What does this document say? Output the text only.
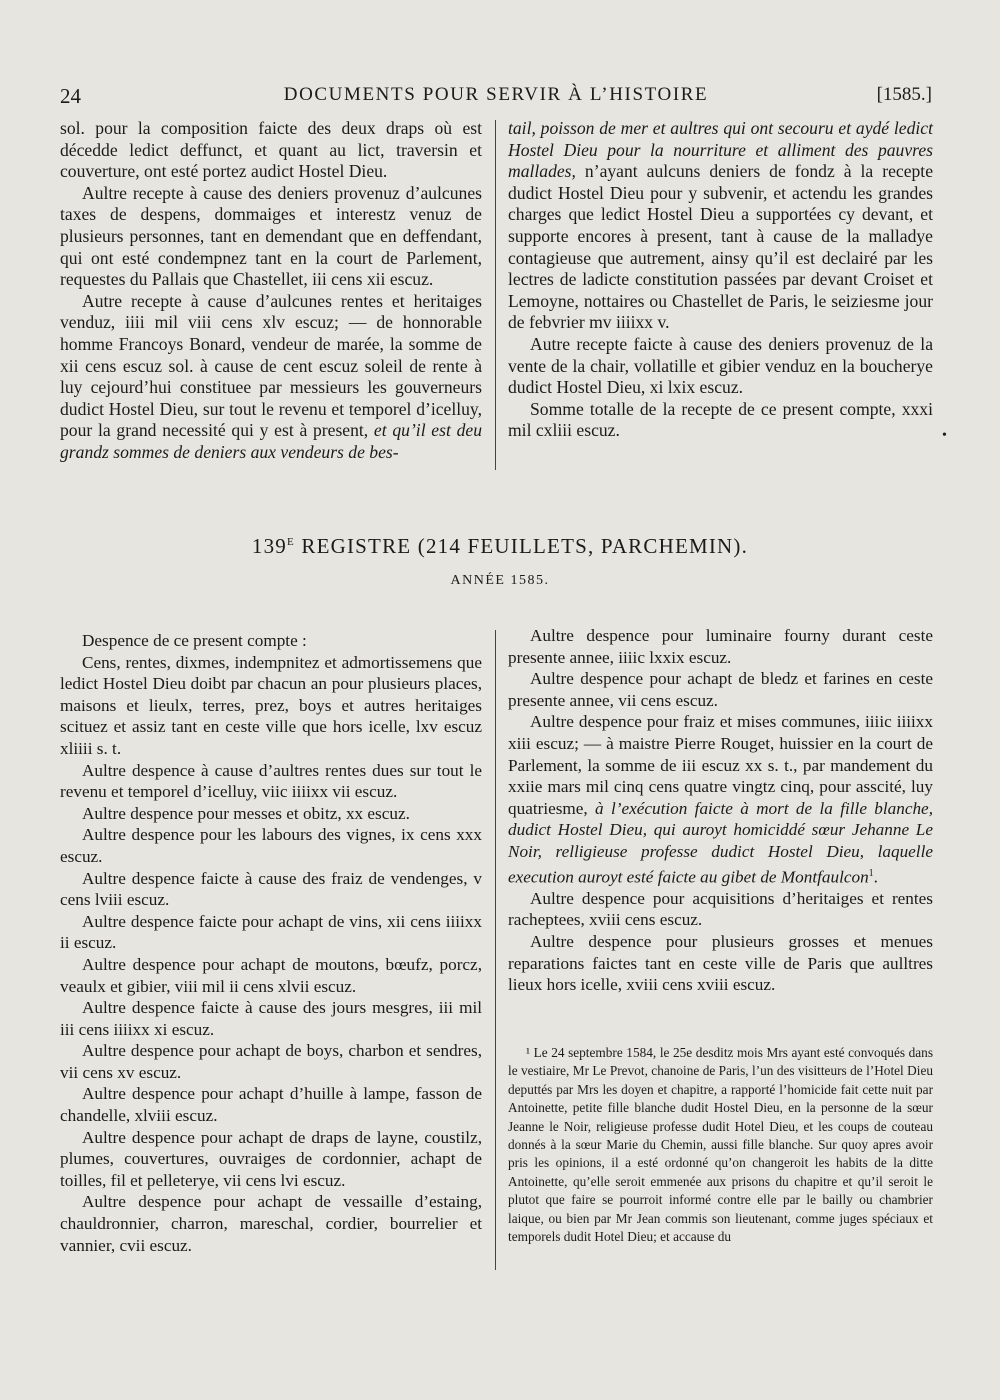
24	DOCUMENTS POUR SERVIR À L’HISTOIRE	[1585.]

sol. pour la composition faicte des deux draps où est décedde ledict deffunct, et quant au lict, traversin et couverture, ont esté portez audict Hostel Dieu.

Aultre recepte à cause des deniers provenuz d’aulcunes taxes de despens, dommaiges et interestz venuz de plusieurs personnes, tant en demendant que en deffendant, qui ont esté condempnez tant en la court de Parlement, requestes du Pallais que Chastellet, iii cens xii escuz.

Autre recepte à cause d’aulcunes rentes et heritaiges venduz, iiii mil viii cens xlv escuz; — de honnorable homme Francoys Bonard, vendeur de marée, la somme de xii cens escuz sol. à cause de cent escuz soleil de rente à luy cejourd’hui constituee par messieurs les gouverneurs dudict Hostel Dieu, sur tout le revenu et temporel d’icelluy, pour la grand necessité qui y est à present, et qu’il est deu grandz sommes de deniers aux vendeurs de bes-

tail, poisson de mer et aultres qui ont secouru et aydé ledict Hostel Dieu pour la nourriture et alliment des pauvres mallades, n’ayant aulcuns deniers de fondz à la recepte dudict Hostel Dieu pour y subvenir, et actendu les grandes charges que ledict Hostel Dieu a supportées cy devant, et supporte encores à present, tant à cause de la malladye contagieuse que autrement, ainsy qu’il est declairé par les lectres de ladicte constitution passées par devant Croiset et Lemoyne, nottaires ou Chastellet de Paris, le seiziesme jour de febvrier mv iiiixx v.

Autre recepte faicte à cause des deniers provenuz de la vente de la chair, vollatille et gibier venduz en la boucherye dudict Hostel Dieu, xi lxix escuz.

Somme totalle de la recepte de ce present compte, xxxi mil cxliii escuz.	•
$139^E$ REGISTRE (214 FEUILLETS, PARCHEMIN).
ANNÉE 1585.

Despence de ce present compte :

Cens, rentes, dixmes, indempnitez et admortissemens que ledict Hostel Dieu doibt par chacun an pour plusieurs places, maisons et lieulx, terres, prez, boys et autres heritaiges scituez et assiz tant en ceste ville que hors icelle, lxv escuz xliiii s. t.

Aultre despence à cause d’aultres rentes dues sur tout le revenu et temporel d’icelluy, viic iiiixx vii escuz.

Aultre despence pour messes et obitz, xx escuz.

Aultre despence pour les labours des vignes, ix cens xxx escuz.

Aultre despence faicte à cause des fraiz de vendenges, v cens lviii escuz.

Aultre despence faicte pour achapt de vins, xii cens iiiixx ii escuz.

Aultre despence pour achapt de moutons, bœufz, porcz, veaulx et gibier, viii mil ii cens xlvii escuz.

Aultre despence faicte à cause des jours mesgres, iii mil iii cens iiiixx xi escuz.

Aultre despence pour achapt de boys, charbon et sendres, vii cens xv escuz.

Aultre despence pour achapt d’huille à lampe, fasson de chandelle, xlviii escuz.

Aultre despence pour achapt de draps de layne, coustilz, plumes, couvertures, ouvraiges de cordonnier, achapt de toilles, fil et pelleterye, vii cens lvi escuz.

Aultre despence pour achapt de vessaille d’estaing, chauldronnier, charron, mareschal, cordier, bourrelier et vannier, cvii escuz.

Aultre despence pour luminaire fourny durant ceste presente annee, iiiic lxxix escuz.

Aultre despence pour achapt de bledz et farines en ceste presente annee, vii cens escuz.

Aultre despence pour fraiz et mises communes, iiiic iiiixx xiii escuz; — à maistre Pierre Rouget, huissier en la court de Parlement, la somme de iii escuz xx s. t., par mandement du xxiie mars mil cinq cens quatre vingtz cinq, pour asscité, luy quatriesme, à l’exécution faicte à mort de la fille blanche, dudict Hostel Dieu, qui auroyt homiciddé sœur Jehanne Le Noir, relligieuse professe dudict Hostel Dieu, laquelle execution auroyt esté faicte au gibet de Montfaulcon$^1$.

Aultre despence pour acquisitions d’heritaiges et rentes racheptees, xviii cens escuz.

Aultre despence pour plusieurs grosses et menues reparations faictes tant en ceste ville de Paris que aulltres lieux hors icelle, xviii cens xviii escuz.

¹ Le 24 septembre 1584, le 25e desditz mois Mrs ayant esté convoqués dans le vestiaire, Mr Le Prevot, chanoine de Paris, l’un des visitteurs de l’Hotel Dieu deputtés par Mrs les doyen et chapitre, a rapporté l’homicide fait cette nuit par Antoinette, petite fille blanche dudit Hostel Dieu, en la personne de la sœur Jeanne le Noir, religieuse professe dudit Hotel Dieu, et les coups de couteau donnés à la sœur Marie du Chemin, aussi fille blanche. Sur quoy apres avoir pris les opinions, il a esté ordonné qu’on changeroit les habits de la ditte Antoinette, qu’elle seroit emmenée aux prisons du chapitre et qu’il seroit le plutot que faire se pourroit informé contre elle par le bailly ou chambrier laique, ou bien par Mr Jean commis son lieutenant, comme juges spéciaux et temporels dudit Hotel Dieu; et accause du
